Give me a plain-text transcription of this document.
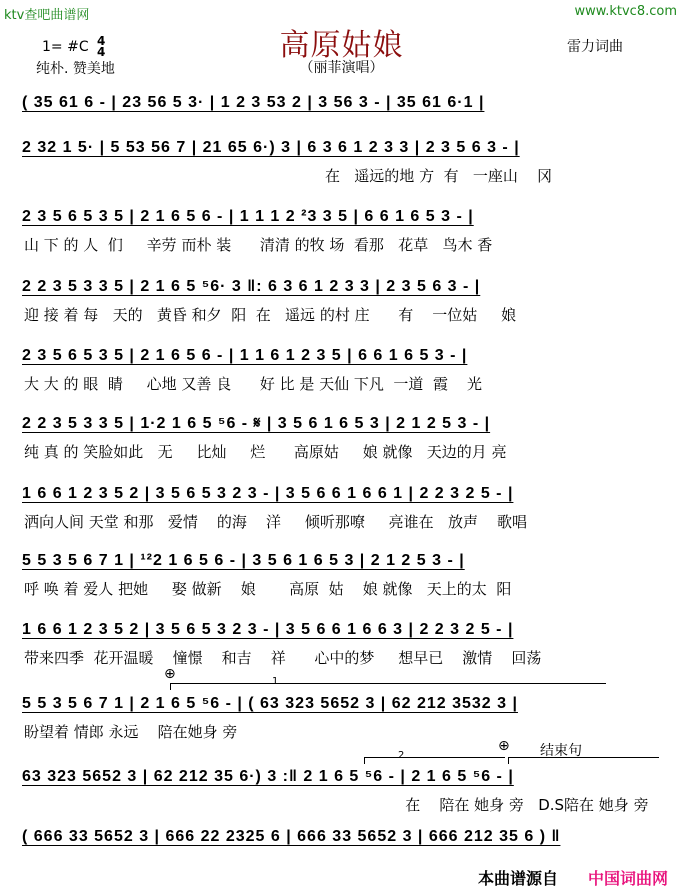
ktv查吧曲谱网	www.ktvc8.com
1= #C 4
4
纯朴. 赞美地
高原姑娘
（丽菲演唱）
雷力词曲
( 35 61 6 - | 23 56 5 3· | 1 2 3 53 2 | 3 56 3 - | 35 61 6·1 |
2 32 1 5· | 5 53 56 7 | 21 65 6·) 3 | 6 3 6 1 2 3 3 | 2 3 5 6 3 - |
在   遥远的地 方  有   一座山    冈
2 3 5 6 5 3 5 | 2 1 6 5 6 - | 1 1 1 2 ²3 3 5 | 6 6 1 6 5 3 - |
山 下 的 人  们     辛劳 而朴 装      清清 的牧 场  看那   花草   鸟木 香
2 2 3 5 3 3 5 | 2 1 6 5 ⁵6· 3 ‖: 6 3 6 1 2 3 3 | 2 3 5 6 3 - |
迎 接 着 每   天的   黄昏 和夕  阳  在   遥远 的村 庄      有    一位姑     娘
2 3 5 6 5 3 5 | 2 1 6 5 6 - | 1 1 6 1 2 3 5 | 6 6 1 6 5 3 - |
大 大 的 眼  睛     心地 又善 良      好 比 是 天仙 下凡  一道  霞    光
2 2 3 5 3 3 5 | 1·2 1 6 5 ⁵6 - 𝄋 | 3 5 6 1 6 5 3 | 2 1 2 5 3 - |
纯 真 的 笑脸如此   无     比灿     烂      高原姑     娘 就像   天边的月 亮
1 6 6 1 2 3 5 2 | 3 5 6 5 3 2 3 - | 3 5 6 6 1 6 6 1 | 2 2 3 2 5 - |
洒向人间 天堂 和那   爱情    的海    洋     倾听那嘹     亮谁在   放声    歌唱
5 5 3 5 6 7 1 | ¹²2 1 6 5 6 - | 3 5 6 1 6 5 3 | 2 1 2 5 3 - |
呼 唤 着 爱人 把她     娶 做新    娘       高原  姑    娘 就像   天上的太  阳
1 6 6 1 2 3 5 2 | 3 5 6 5 3 2 3 - | 3 5 6 6 1 6 6 3 | 2 2 3 2 5 - |
带来四季  花开温暖    憧憬    和吉    祥      心中的梦     想早已    激情    回荡
⊕	1
5 5 3 5 6 7 1 | 2 1 6 5 ⁵6 - | ( 63 323 5652 3 | 62 212 3532 3 |
盼望着 情郎 永远    陪在她身 旁
⊕ 结束句
2
63 323 5652 3 | 62 212 35 6·) 3 :‖ 2 1 6 5 ⁵6 - | 2 1 6 5 ⁵6 - |
在    陪在 她身 旁   D.S陪在 她身 旁
( 666 33 5652 3 | 666 22 2325 6 | 666 33 5652 3 | 666 212 35 6 ) ‖
本曲谱源自 中国词曲网
